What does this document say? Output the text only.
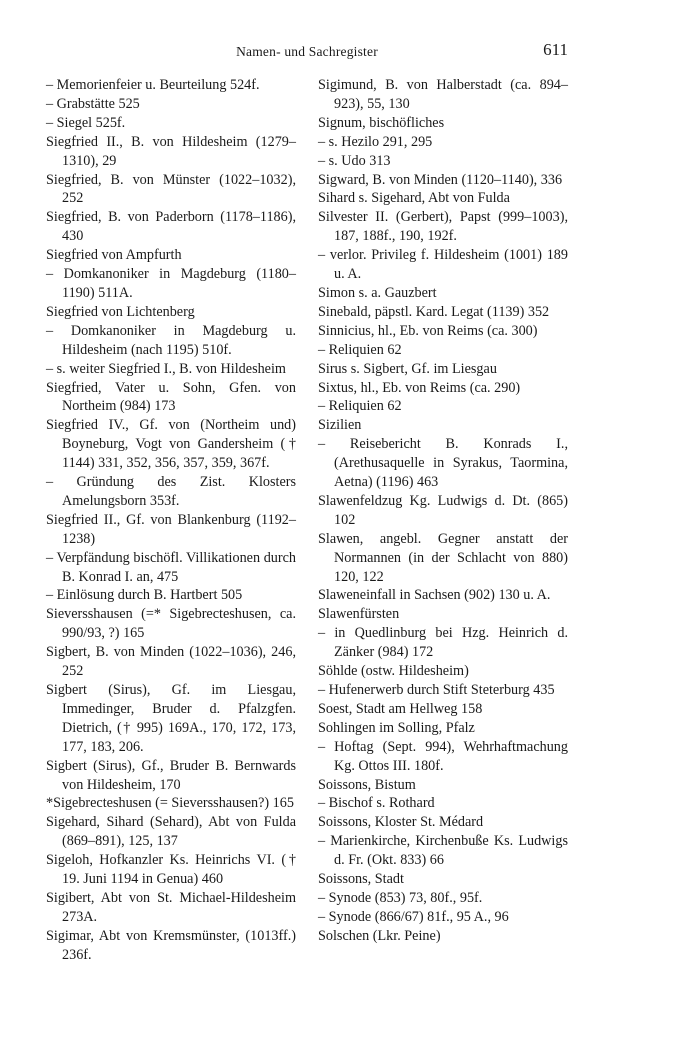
Namen- und Sachregister	611
– Memorienfeier u. Beurteilung 524f.
– Grabstätte 525
– Siegel 525f.
Siegfried II., B. von Hildesheim (1279–1310), 29
Siegfried, B. von Münster (1022–1032), 252
Siegfried, B. von Paderborn (1178–1186), 430
Siegfried von Ampfurth
– Domkanoniker in Magdeburg (1180–1190) 511A.
Siegfried von Lichtenberg
– Domkanoniker in Magdeburg u. Hildesheim (nach 1195) 510f.
– s. weiter Siegfried I., B. von Hildesheim
Siegfried, Vater u. Sohn, Gfen. von Northeim (984) 173
Siegfried IV., Gf. von (Northeim und) Boyneburg, Vogt von Gandersheim († 1144) 331, 352, 356, 357, 359, 367f.
– Gründung des Zist. Klosters Amelungsborn 353f.
Siegfried II., Gf. von Blankenburg (1192–1238)
– Verpfändung bischöfl. Villikationen durch B. Konrad I. an, 475
– Einlösung durch B. Hartbert 505
Sieversshausen (=* Sigebrecteshusen, ca. 990/93, ?) 165
Sigbert, B. von Minden (1022–1036), 246, 252
Sigbert (Sirus), Gf. im Liesgau, Immedinger, Bruder d. Pfalzgfen. Dietrich, († 995) 169A., 170, 172, 173, 177, 183, 206.
Sigbert (Sirus), Gf., Bruder B. Bernwards von Hildesheim, 170
*Sigebrecteshusen (= Sieversshausen?) 165
Sigehard, Sihard (Sehard), Abt von Fulda (869–891), 125, 137
Sigeloh, Hofkanzler Ks. Heinrichs VI. († 19. Juni 1194 in Genua) 460
Sigibert, Abt von St. Michael-Hildesheim 273A.
Sigimar, Abt von Kremsmünster, (1013ff.) 236f.
Sigimund, B. von Halberstadt (ca. 894–923), 55, 130
Signum, bischöfliches
– s. Hezilo 291, 295
– s. Udo 313
Sigward, B. von Minden (1120–1140), 336
Sihard s. Sigehard, Abt von Fulda
Silvester II. (Gerbert), Papst (999–1003), 187, 188f., 190, 192f.
– verlor. Privileg f. Hildesheim (1001) 189 u. A.
Simon s. a. Gauzbert
Sinebald, päpstl. Kard. Legat (1139) 352
Sinnicius, hl., Eb. von Reims (ca. 300)
– Reliquien 62
Sirus s. Sigbert, Gf. im Liesgau
Sixtus, hl., Eb. von Reims (ca. 290)
– Reliquien 62
Sizilien
– Reisebericht B. Konrads I., (Arethusaquelle in Syrakus, Taormina, Aetna) (1196) 463
Slawenfeldzug Kg. Ludwigs d. Dt. (865) 102
Slawen, angebl. Gegner anstatt der Normannen (in der Schlacht von 880) 120, 122
Slaweneinfall in Sachsen (902) 130 u. A.
Slawenfürsten
– in Quedlinburg bei Hzg. Heinrich d. Zänker (984) 172
Söhlde (ostw. Hildesheim)
– Hufenerwerb durch Stift Steterburg 435
Soest, Stadt am Hellweg 158
Sohlingen im Solling, Pfalz
– Hoftag (Sept. 994), Wehrhaftmachung Kg. Ottos III. 180f.
Soissons, Bistum
– Bischof s. Rothard
Soissons, Kloster St. Médard
– Marienkirche, Kirchenbuße Ks. Ludwigs d. Fr. (Okt. 833) 66
Soissons, Stadt
– Synode (853) 73, 80f., 95f.
– Synode (866/67) 81f., 95 A., 96
Solschen (Lkr. Peine)
